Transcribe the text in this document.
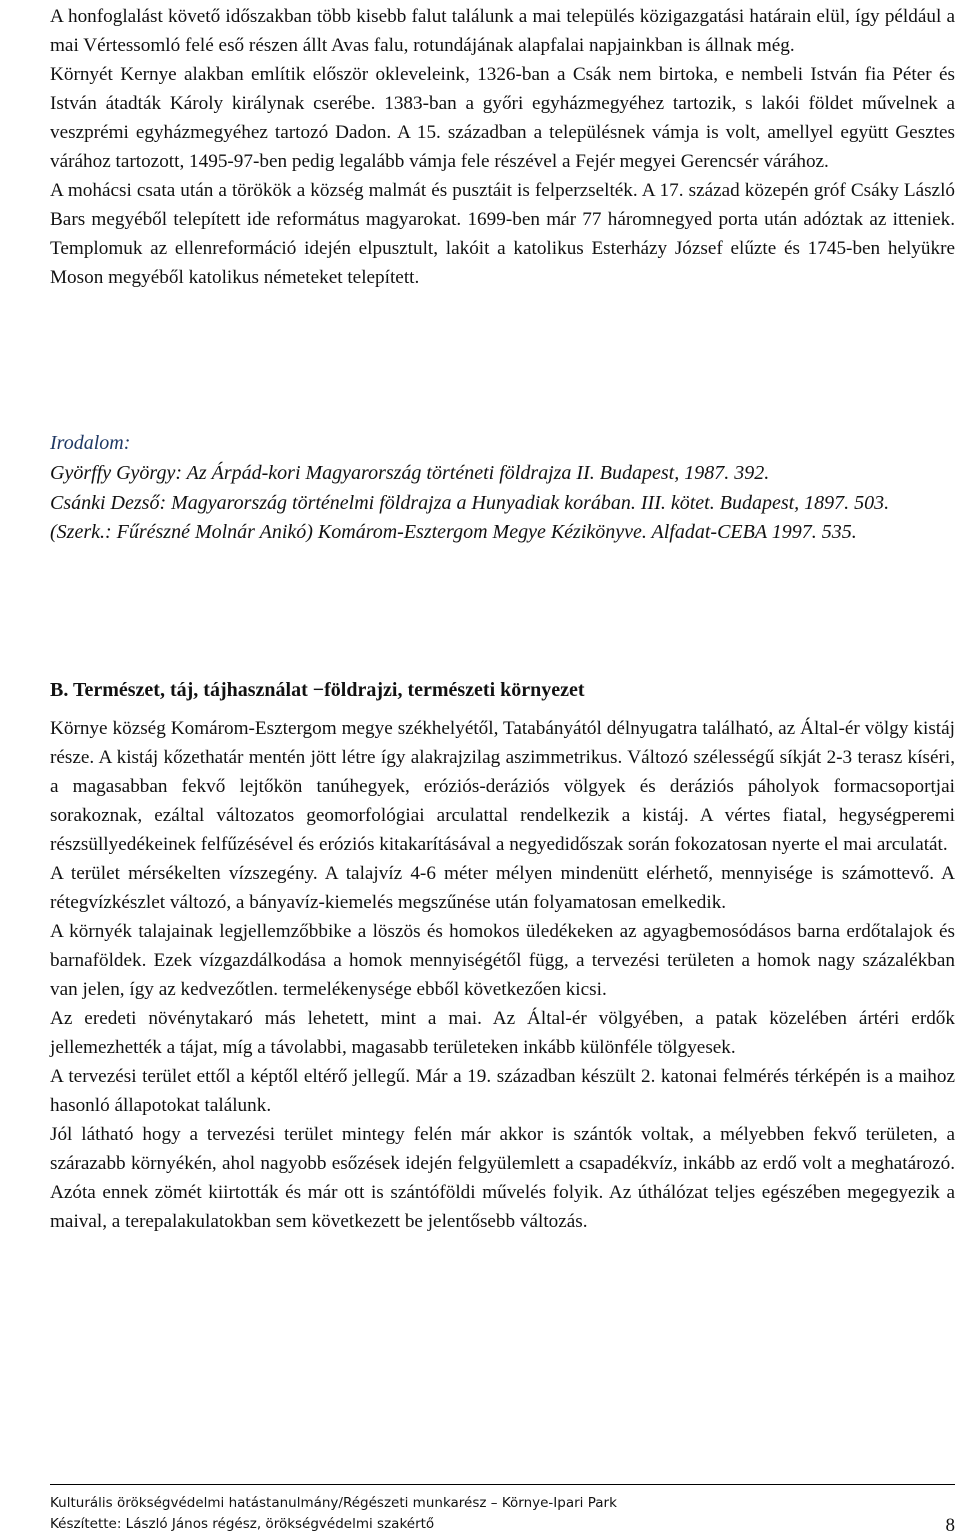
A honfoglalást követő időszakban több kisebb falut találunk a mai település közigazgatási határain elül, így például a mai Vértessomló felé eső részen állt Avas falu, rotundájának alapfalai napjainkban is állnak még.

Környét Kernye alakban említik először okleveleink, 1326-ban a Csák nem birtoka, e nembeli István fia Péter és István átadták Károly királynak cserébe. 1383-ban a győri egyházmegyéhez tartozik, s lakói földet művelnek a veszprémi egyházmegyéhez tartozó Dadon. A 15. században a településnek vámja is volt, amellyel együtt Gesztes várához tartozott, 1495-97-ben pedig legalább vámja fele részével a Fejér megyei Gerencsér várához.

A mohácsi csata után a törökök a község malmát és pusztáit is felperzselték. A 17. század közepén gróf Csáky László Bars megyéből telepített ide református magyarokat. 1699-ben már 77 háromnegyed porta után adóztak az itteniek. Templomuk az ellenreformáció idején elpusztult, lakóit a katolikus Esterházy József elűzte és 1745-ben helyükre Moson megyéből katolikus németeket telepített.

Irodalom:

Györffy György: Az Árpád-kori Magyarország történeti földrajza II. Budapest, 1987. 392.

Csánki Dezső: Magyarország történelmi földrajza a Hunyadiak korában. III. kötet. Budapest, 1897. 503.

(Szerk.: Fűrészné Molnár Anikó) Komárom-Esztergom Megye Kézikönyve. Alfadat-CEBA 1997. 535.

B. Természet, táj, tájhasználat −földrajzi, természeti környezet

Környe község Komárom-Esztergom megye székhelyétől, Tatabányától délnyugatra található, az Által-ér völgy kistáj része. A kistáj kőzethatár mentén jött létre így alakrajzilag aszimmetrikus. Változó szélességű síkját 2-3 terasz kíséri, a magasabban fekvő lejtőkön tanúhegyek, eróziós-deráziós völgyek és deráziós páholyok formacsoportjai sorakoznak, ezáltal változatos geomorfológiai arculattal rendelkezik a kistáj. A vértes fiatal, hegységperemi részsüllyedékeinek felfűzésével és eróziós kitakarításával a negyedidőszak során fokozatosan nyerte el mai arculatát.

A terület mérsékelten vízszegény. A talajvíz 4-6 méter mélyen mindenütt elérhető, mennyisége is számottevő. A rétegvízkészlet változó, a bányavíz-kiemelés megszűnése után folyamatosan emelkedik.

A környék talajainak legjellemzőbbike a löszös és homokos üledékeken az agyagbemosódásos barna erdőtalajok és barnaföldek. Ezek vízgazdálkodása a homok mennyiségétől függ, a tervezési területen a homok nagy százalékban van jelen, így az kedvezőtlen. termelékenysége ebből következően kicsi.

Az eredeti növénytakaró más lehetett, mint a mai. Az Által-ér völgyében, a patak közelében ártéri erdők jellemezhették a tájat, míg a távolabbi, magasabb területeken inkább különféle tölgyesek.

A tervezési terület ettől a képtől eltérő jellegű. Már a 19. században készült 2. katonai felmérés térképén is a maihoz hasonló állapotokat találunk.

Jól látható hogy a tervezési terület mintegy felén már akkor is szántók voltak, a mélyebben fekvő területen, a szárazabb környékén, ahol nagyobb esőzések idején felgyülemlett a csapadékvíz, inkább az erdő volt a meghatározó. Azóta ennek zömét kiirtották és már ott is szántóföldi művelés folyik. Az úthálózat teljes egészében megegyezik a maival, a terepalakulatokban sem következett be jelentősebb változás.

Kulturális örökségvédelmi hatástanulmány/Régészeti munkarész – Környe-Ipari Park
Készítette: László János régész, örökségvédelmi szakértő	8
